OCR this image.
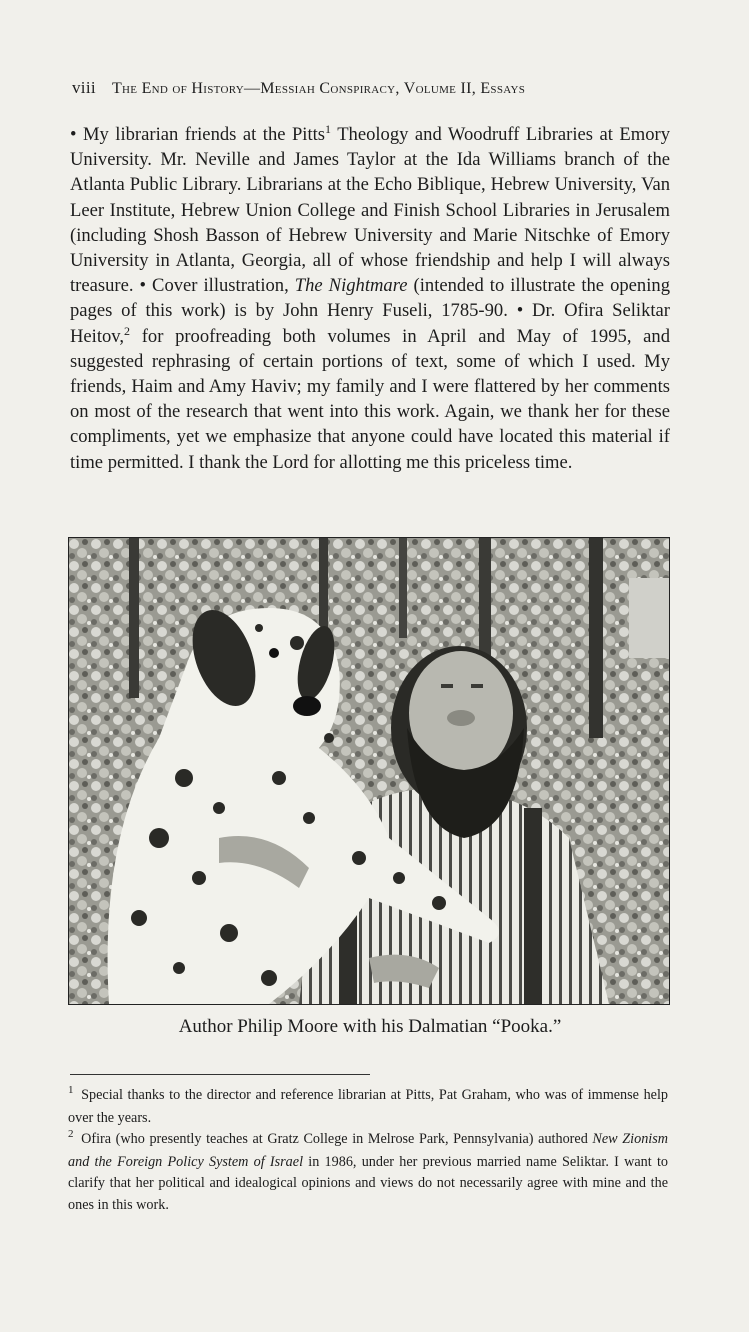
viii The End of History—Messiah Conspiracy, Volume II, Essays

• My librarian friends at the Pitts$^1$ Theology and Woodruff Libraries at Emory University. Mr. Neville and James Taylor at the Ida Williams branch of the Atlanta Public Library. Librarians at the Echo Biblique, Hebrew University, Van Leer Institute, Hebrew Union College and Finish School Libraries in Jerusalem (including Shosh Basson of Hebrew University and Marie Nitschke of Emory University in Atlanta, Georgia, all of whose friendship and help I will always treasure. • Cover illustration, The Nightmare (intended to illustrate the opening pages of this work) is by John Henry Fuseli, 1785-90. • Dr. Ofira Seliktar Heitov,$^2$ for proofreading both volumes in April and May of 1995, and suggested rephrasing of certain portions of text, some of which I used. My friends, Haim and Amy Haviv; my family and I were flattered by her comments on most of the research that went into this work. Again, we thank her for these compliments, yet we emphasize that anyone could have located this material if time permitted. I thank the Lord for allotting me this priceless time.

Author Philip Moore with his Dalmatian “Pooka.”

$^1$ Special thanks to the director and reference librarian at Pitts, Pat Graham, who was of immense help over the years.

$^2$ Ofira (who presently teaches at Gratz College in Melrose Park, Pennsylvania) authored New Zionism and the Foreign Policy System of Israel in 1986, under her previous married name Seliktar. I want to clarify that her political and idealogical opinions and views do not necessarily agree with mine and the ones in this work.
